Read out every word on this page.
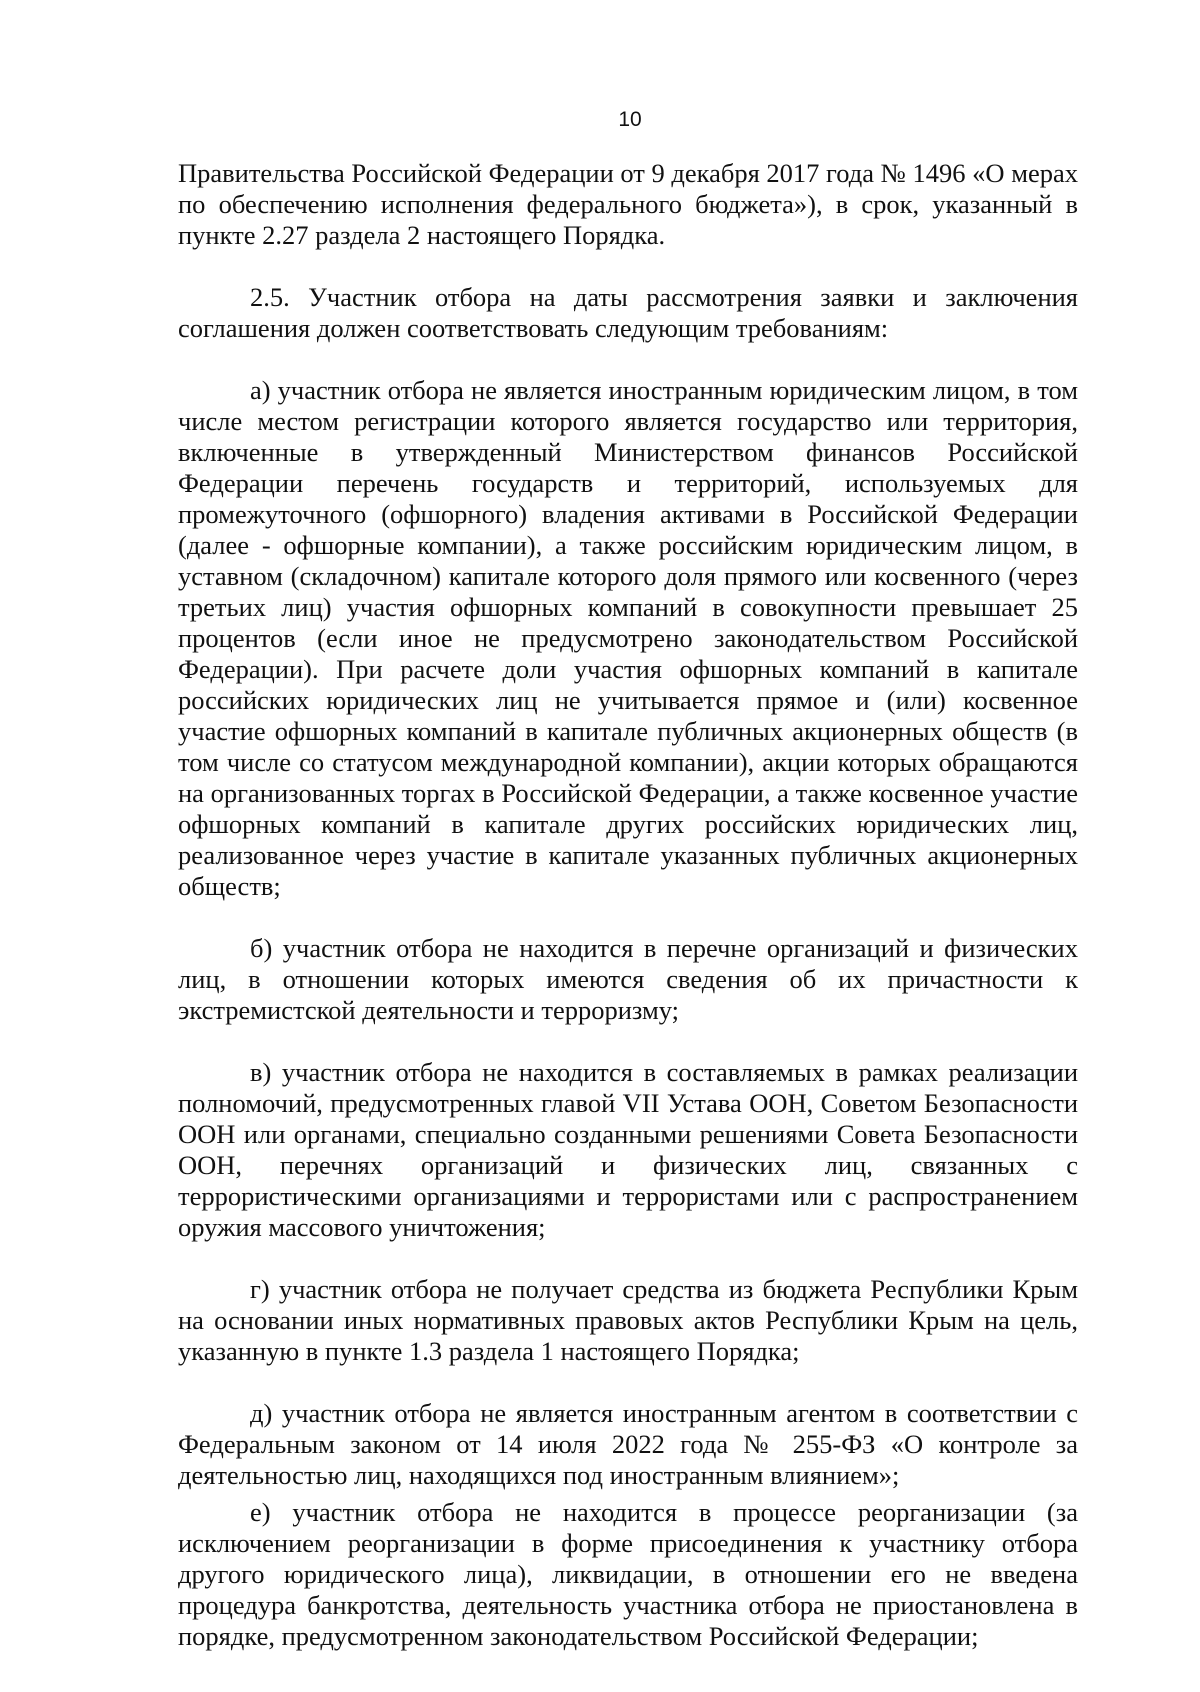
10

Правительства Российской Федерации от 9 декабря 2017 года № 1496 «О мерах по обеспечению исполнения федерального бюджета»), в срок, указанный в пункте 2.27 раздела 2 настоящего Порядка.

2.5. Участник отбора на даты рассмотрения заявки и заключения соглашения должен соответствовать следующим требованиям:

а) участник отбора не является иностранным юридическим лицом, в том числе местом регистрации которого является государство или территория, включенные в утвержденный Министерством финансов Российской Федерации перечень государств и территорий, используемых для промежуточного (офшорного) владения активами в Российской Федерации (далее - офшорные компании), а также российским юридическим лицом, в уставном (складочном) капитале которого доля прямого или косвенного (через третьих лиц) участия офшорных компаний в совокупности превышает 25 процентов (если иное не предусмотрено законодательством Российской Федерации). При расчете доли участия офшорных компаний в капитале российских юридических лиц не учитывается прямое и (или) косвенное участие офшорных компаний в капитале публичных акционерных обществ (в том числе со статусом международной компании), акции которых обращаются на организованных торгах в Российской Федерации, а также косвенное участие офшорных компаний в капитале других российских юридических лиц, реализованное через участие в капитале указанных публичных акционерных обществ;

б) участник отбора не находится в перечне организаций и физических лиц, в отношении которых имеются сведения об их причастности к экстремистской деятельности и терроризму;

в) участник отбора не находится в составляемых в рамках реализации полномочий, предусмотренных главой VII Устава ООН, Советом Безопасности ООН или органами, специально созданными решениями Совета Безопасности ООН, перечнях организаций и физических лиц, связанных с террористическими организациями и террористами или с распространением оружия массового уничтожения;

г) участник отбора не получает средства из бюджета Республики Крым на основании иных нормативных правовых актов Республики Крым на цель, указанную в пункте 1.3 раздела 1 настоящего Порядка;

д) участник отбора не является иностранным агентом в соответствии с Федеральным законом от 14 июля 2022 года № 255-ФЗ «О контроле за деятельностью лиц, находящихся под иностранным влиянием»;

е) участник отбора не находится в процессе реорганизации (за исключением реорганизации в форме присоединения к участнику отбора другого юридического лица), ликвидации, в отношении его не введена процедура банкротства, деятельность участника отбора не приостановлена в порядке, предусмотренном законодательством Российской Федерации;
